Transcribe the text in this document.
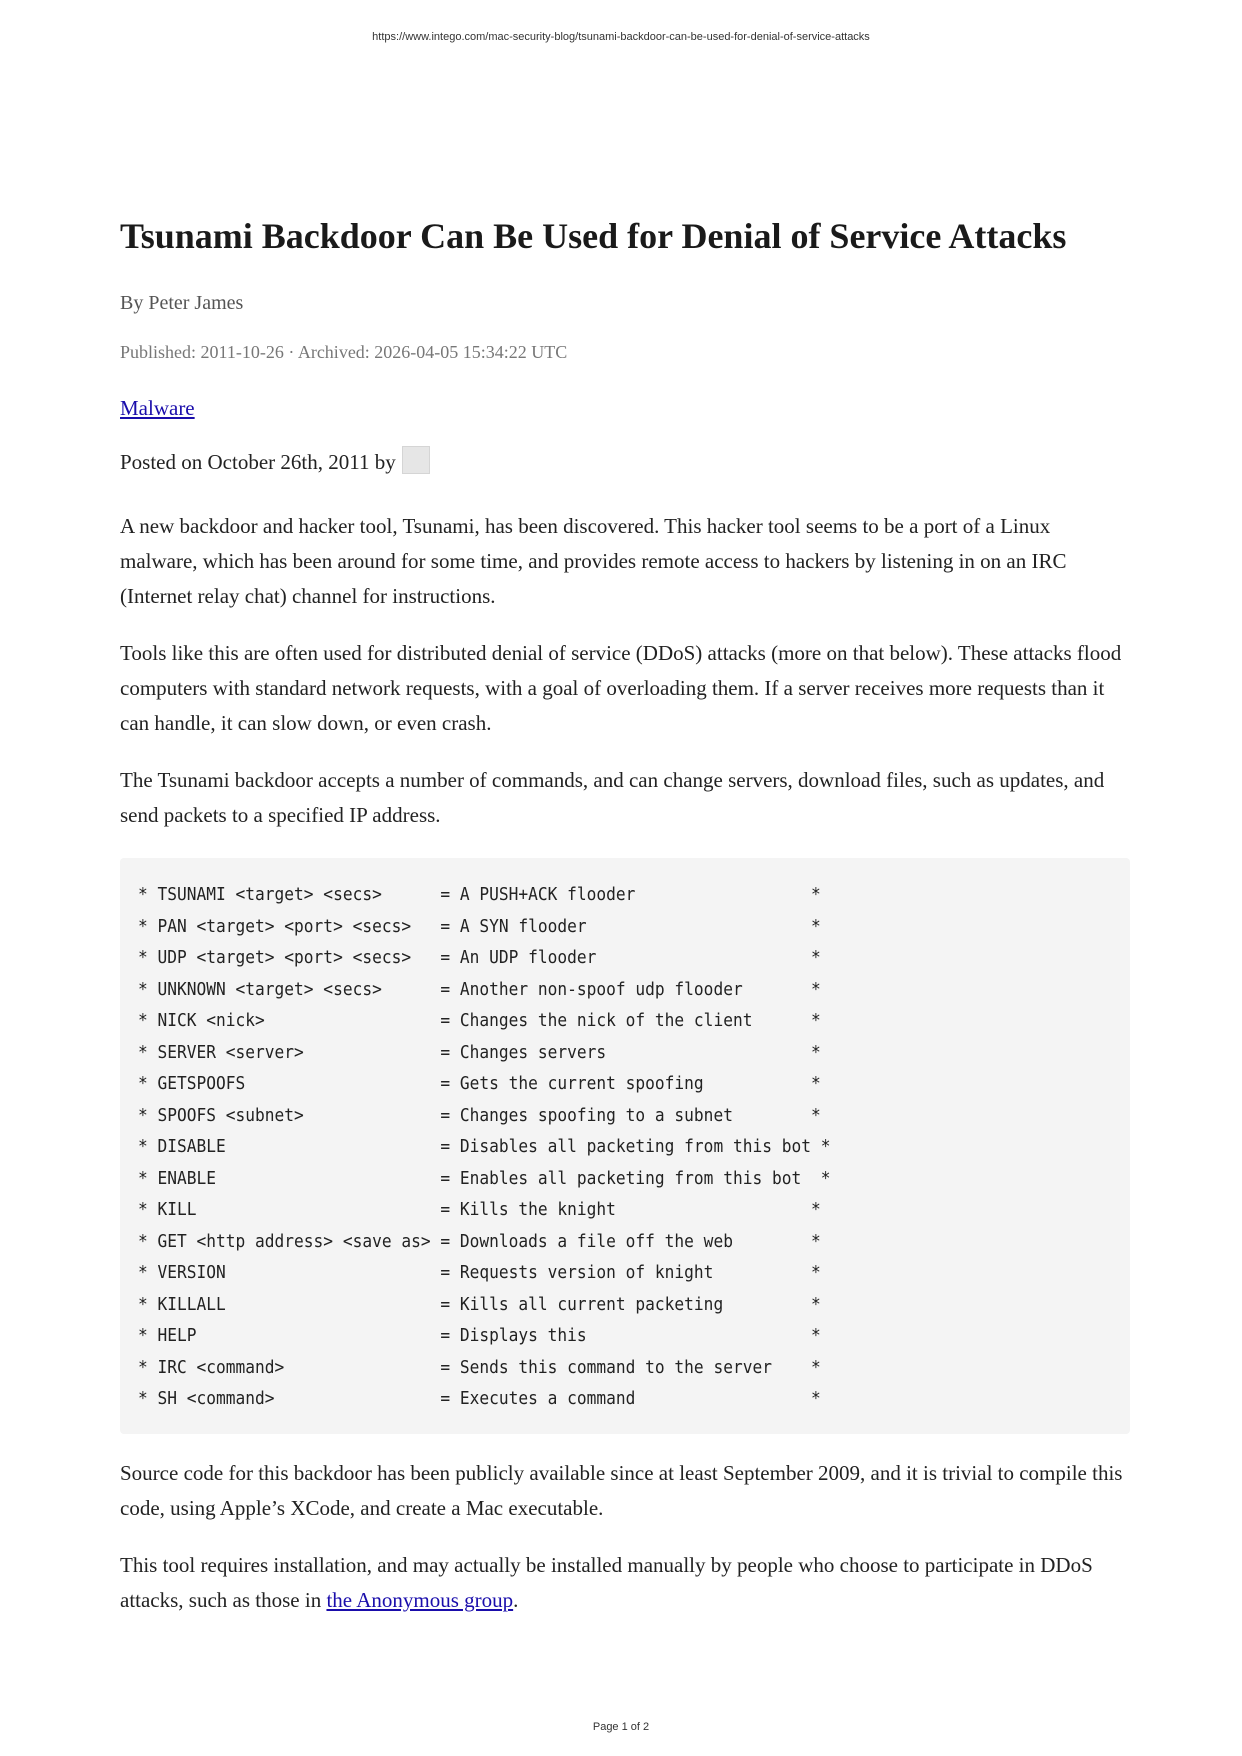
https://www.intego.com/mac-security-blog/tsunami-backdoor-can-be-used-for-denial-of-service-attacks
Tsunami Backdoor Can Be Used for Denial of Service Attacks
By Peter James
Published: 2011-10-26 · Archived: 2026-04-05 15:34:22 UTC
Malware
Posted on October 26th, 2011 by

A new backdoor and hacker tool, Tsunami, has been discovered. This hacker tool seems to be a port of a Linux malware, which has been around for some time, and provides remote access to hackers by listening in on an IRC (Internet relay chat) channel for instructions.

Tools like this are often used for distributed denial of service (DDoS) attacks (more on that below). These attacks flood computers with standard network requests, with a goal of overloading them. If a server receives more requests than it can handle, it can slow down, or even crash.

The Tsunami backdoor accepts a number of commands, and can change servers, download files, such as updates, and send packets to a specified IP address.

* TSUNAMI <target> <secs>      = A PUSH+ACK flooder                  *
* PAN <target> <port> <secs>   = A SYN flooder                       *
* UDP <target> <port> <secs>   = An UDP flooder                      *
* UNKNOWN <target> <secs>      = Another non-spoof udp flooder       *
* NICK <nick>                  = Changes the nick of the client      *
* SERVER <server>              = Changes servers                     *
* GETSPOOFS                    = Gets the current spoofing           *
* SPOOFS <subnet>              = Changes spoofing to a subnet        *
* DISABLE                      = Disables all packeting from this bot *
* ENABLE                       = Enables all packeting from this bot  *
* KILL                         = Kills the knight                    *
* GET <http address> <save as> = Downloads a file off the web        *
* VERSION                      = Requests version of knight          *
* KILLALL                      = Kills all current packeting         *
* HELP                         = Displays this                       *
* IRC <command>                = Sends this command to the server    *
* SH <command>                 = Executes a command                  *

Source code for this backdoor has been publicly available since at least September 2009, and it is trivial to compile this code, using Apple’s XCode, and create a Mac executable.

This tool requires installation, and may actually be installed manually by people who choose to participate in DDoS attacks, such as those in the Anonymous group.

Page 1 of 2
